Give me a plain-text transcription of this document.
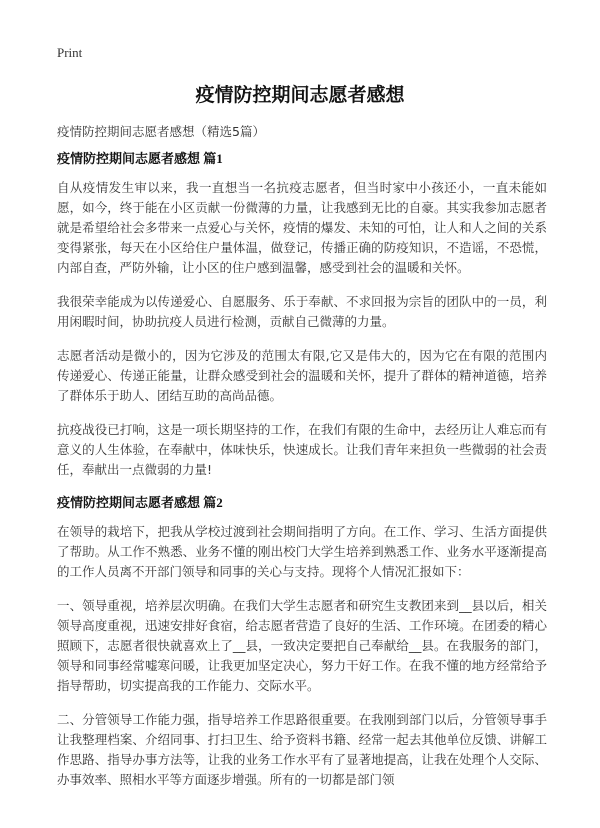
Print
疫情防控期间志愿者感想

疫情防控期间志愿者感想（精选5篇）

疫情防控期间志愿者感想 篇1

自从疫情发生审以来，我一直想当一名抗疫志愿者，但当时家中小孩还小，一直未能如愿，如今，终于能在小区贡献一份微薄的力量，让我感到无比的自豪。其实我参加志愿者就是希望给社会多带来一点爱心与关怀，疫情的爆发、未知的可怕，让人和人之间的关系变得紧张，每天在小区给住户量体温，做登记，传播正确的防疫知识，不造谣，不恐慌，内部自查，严防外输，让小区的住户感到温馨，感受到社会的温暖和关怀。

我很荣幸能成为以传递爱心、自愿服务、乐于奉献、不求回报为宗旨的团队中的一员，利用闲暇时间，协助抗疫人员进行检测，贡献自己微薄的力量。

志愿者活动是微小的，因为它涉及的范围太有限,它又是伟大的，因为它在有限的范围内传递爱心、传递正能量，让群众感受到社会的温暖和关怀，提升了群体的精神道德，培养了群体乐于助人、团结互助的高尚品德。

抗疫战役已打响，这是一项长期坚持的工作，在我们有限的生命中，去经历让人难忘而有意义的人生体验，在奉献中，体味快乐，快速成长。让我们青年来担负一些微弱的社会责任，奉献出一点微弱的力量!

疫情防控期间志愿者感想 篇2

在领导的栽培下，把我从学校过渡到社会期间指明了方向。在工作、学习、生活方面提供了帮助。从工作不熟悉、业务不懂的刚出校门大学生培养到熟悉工作、业务水平逐渐提高的工作人员离不开部门领导和同事的关心与支持。现将个人情况汇报如下：

一、领导重视，培养层次明确。在我们大学生志愿者和研究生支教团来到__县以后，相关领导高度重视，迅速安排好食宿，给志愿者营造了良好的生活、工作环境。在团委的精心照顾下，志愿者很快就喜欢上了__县，一致决定要把自己奉献给__县。在我服务的部门，领导和同事经常嘘寒问暖，让我更加坚定决心，努力干好工作。在我不懂的地方经常给予指导帮助，切实提高我的工作能力、交际水平。

二、分管领导工作能力强，指导培养工作思路很重要。在我刚到部门以后，分管领导事手让我整理档案、介绍同事、打扫卫生、给予资料书籍、经常一起去其他单位反馈、讲解工作思路、指导办事方法等，让我的业务工作水平有了显著地提高，让我在处理个人交际、办事效率、照相水平等方面逐步增强。所有的一切都是部门领
